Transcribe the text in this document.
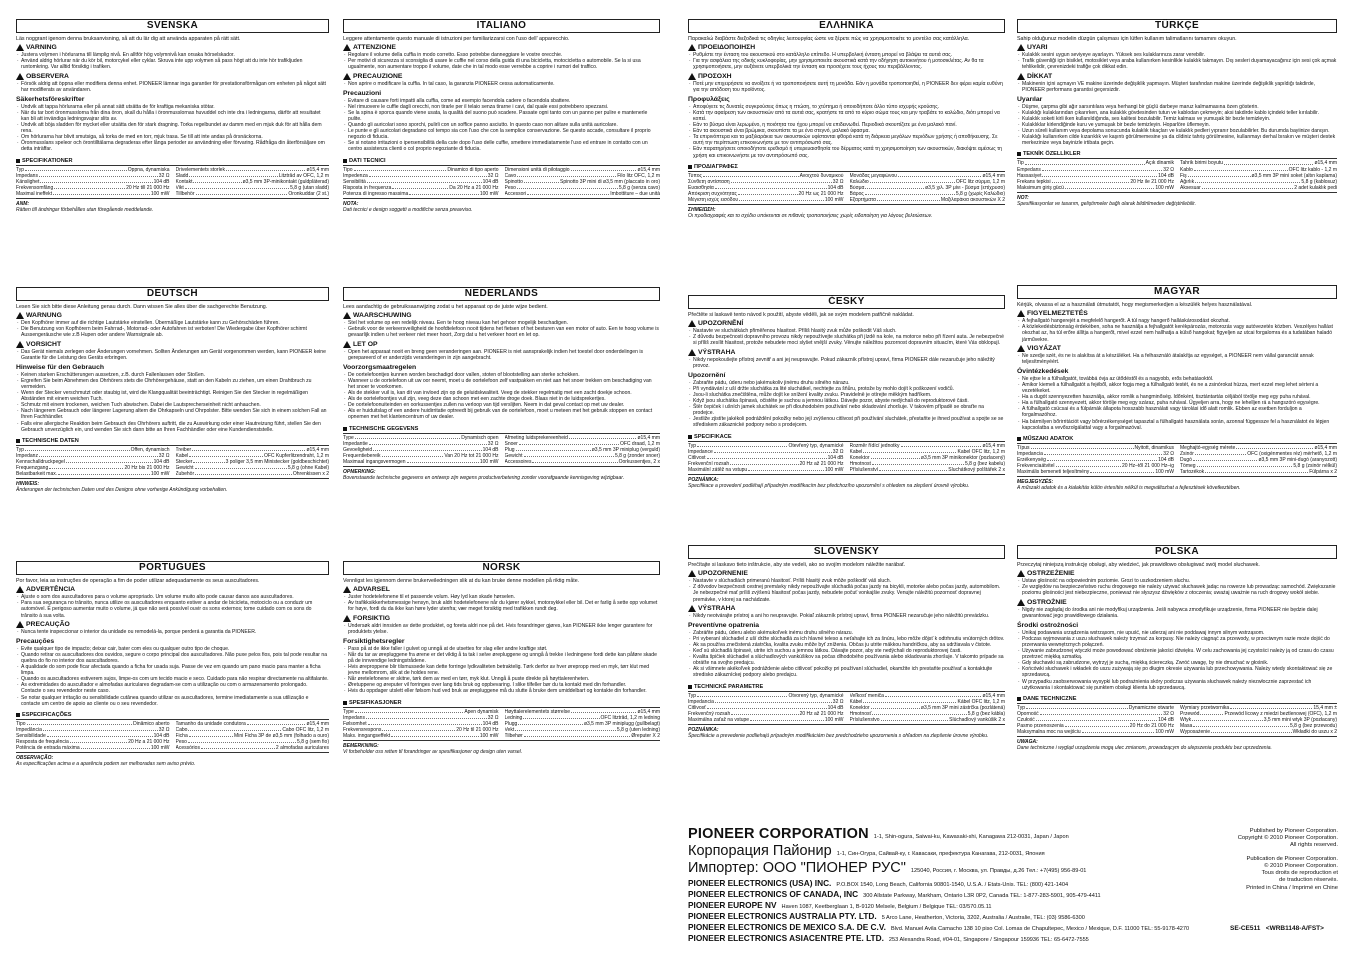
SVENSKA
Läs noggrant igenom denna bruksanvisning, så att du lär dig att använda apparaten på rätt sätt.
VARNING
· Justera volymen i hörlurarna till lämplig nivå. En alltför hög volymnivå kan orsaka hörselskador.
· Använd aldrig hörlurar när du kör bil, motorcykel eller cyklar. Skruva inte upp volymen så pass högt att du inte hör trafikljuden runtomkring. Var alltid försiktig i trafiken.
OBSERVERA
· Försök aldrig att öppna eller modifiera denna enhet. PIONEER lämnar inga garantier för prestationsförmågan om enheten på något sätt har modifierats av användaren.
Säkerhetsföreskrifter
· Undvik att tappa hörlurarna eller på annat sätt utsätta de för kraftiga mekaniska stötar.
· När du tar bort öronmusslorna från dina öron, skall du hålla i öronmusslornas huvuddel och inte dra i ledningarna, därför att resultatet kan bli att invändiga ledningsvajrar slits av.
· Undvik att böja sladden för mycket eller utsätta den för stark dragning. Torka regelbundet av damm med en mjuk duk för att hålla dem rena.
· Om hörlurarna har blivit smutsiga, så torka de med en torr, mjuk trasa. Se till att inte andas på örsnäckorna.
· Öronmusslans speleor och örontilltälarna degraderas efter långa perioder av användning eller förvaring. Rådfråga din återförsäljare om detta inträffar.
SPECIFIKATIONER
Typ	Öppna, dynamiska
Impedans	32 Ω
Känslighet	104 dB
Frekvensomfång	20 Hz till 21 000 Hz
Maximal ineffekt	100 mW
Drivelementets storlek	ø15,4 mm
Sladd	Litztråd av OFC, 1,2 m
Kontakt	ø3,5 mm 3P-minikontakt (guldpläterad)
Vikt	5,8 g (utan sladd)
Tillbehör	Öronkuddar (2 st.)
ANM:
Rätten till ändringar förbehålles utan föregående meddelande.
DEUTSCH
Lesen Sie sich bitte diese Anleitung genau durch. Dann wissen Sie alles über die sachgerechte Benutzung.
WARNUNG
· Den Kopfhörer immer auf die richtige Lautstärke einstellen. Übermäßige Lautstärke kann zu Gehörschäden führen.
· Die Benutzung von Kopfhörern beim Fahrrad-, Motorrad- oder Autofahren ist verboten! Die Wiedergabe über Kopfhörer schirmt Aussengeräusche wie z.B Hupen oder andere Warnsignale ab.
VORSICHT
· Das Gerät niemals zerlegen oder Änderungen vornehmen. Sollten Änderungen am Gerät vorgenommen werden, kann PIONEER keine Garantie für die Leistung des Geräts erbringen.
Hinweise für den Gebrauch
· Keinen starken Erschütterungen aussetzen, z.B. durch Fallenlassen oder Stoßen.
· Ergreifen Sie beim Abnehmen des Ohrhörers stets die Ohrhörergehäuse, statt an den Kabeln zu ziehen, um einen Drahtbruch zu vermeiden.
· Wenn der Stecker verschmutzt oder staubig ist, wird die Klangqualität beeinträchtigt. Reinigen Sie den Stecker in regelmäßigen Abständen mit einem weichen Tuch.
· Schmutz mit einem trockenen, weichen Tuch abwischen. Dabei die Lautsprecherseinheit nicht anhauchen.
· Nach längerem Gebrauch oder längerer Lagerung altern die Ohrkapseln und Ohrpolster. Bitte wenden Sie sich in einem solchen Fall an Ihren Fachhändler.
· Falls eine allergische Reaktion beim Gebrauch des Ohrhörers auftritt, die zu Auswirkung oder einer Hautreizung führt, stellen Sie den Gebrauch unverzüglich ein, und wenden Sie sich dann bitte an Ihren Fachhändler oder eine Kundendienststelle.
TECHNISCHE DATEN
Typ	Offen, dynamisch
Impedanz	32 Ω
Kennschalldruckpegel	104 dB
Frequenzgang	20 Hz bis 21 000 Hz
Belastbarkeit max.	100 mW
Treiber	ø15,4 mm
Kabel	OFC Kupferlitzendraht, 1,2 m
Stecker	3 poliger 3,5 mm Ministecker (goldbeschichtet)
Gewicht	5,8 g (ohne Kabel)
Zubehör	Ohrenkissen x 2
HINWEIS:
Änderungen der technischen Daten und des Designs ohne vorherige Ankündigung vorbehalten.
PORTUGUÊS
Por favor, leia as instruções de operação a fim de poder utilizar adequadamente os seus auscultadores.
ADVERTÊNCIA
· Ajuste o som dos auscultadores para o volume apropriado. Um volume muito alto pode causar danos aos auscultadores.
· Para sua segurança no trânsito, nunca utilize os auscultadores enquanto estiver a andar de bicicleta, motociclo ou a conduzir um automóvel. É perigoso aumentar muito o volume, já que não será possível ouvir os sons externos; tome cuidado com os sons do trânsito à sua volta.
PRECAUÇÃO
· Nunca tente inspeccionar o interior da unidade ou remodelá-la, porque perderá a garantia da PIONEER.
Precauções
· Evite qualquer tipo de impacto; deixar cair, bater com eles ou qualquer outro tipo de choque.
· Quando retirar os auscultadores dos ouvidos, segure o corpo principal dos auscultadores. Não puxe pelos fios, pois tal pode resultar na quebra do fio no interior dos auscultadores.
· A qualidade do som pode ficar afectada quando a ficha for usada suja. Passe de vez em quando um pano macio para manter a ficha limpa.
· Quando os auscultadores estiverem sujos, limpe-os com um tecido macio e seco. Cuidado para não respirar directamente na altifalante.
· As extremidades do auscultador e almofadas auriculares degradam-se com a utilização ou com o armazenamento prolongado. Contacte o seu revendedor neste caso.
· Se notar qualquer irritação ou sensibilidade cutânea quando utilizar os auscultadores, termine imediatamente a sua utilização e contacte um centro de apoio ao cliente ou o seu revendedor.
ESPECIFICAÇÕES
Tipo	Dinâmico aberto
Impedância	32 Ω
Sensibilidade	104 dB
Resposta de frequência	20 Hz a 21 000 Hz
Potência de entrada máxima	100 mW
Tamanho da unidade condutora	ø15,4 mm
Cabo	Cabo OFC litz, 1,2 m
Ficha	Mini Ficha 3P de ø3,5 mm (folhado a ouro)
Peso	5,8 g (sem fio)
Acessórios	2 almofadas auriculares
OBSERVAÇÃO:
As especificações acima e a aparência podem ser melhoradas sem aviso prévio.
ITALIANO
Leggere attentamente questo manuale di istruzioni per familiarizzarsi con l'uso dell' apparecchio.
ATTENZIONE
· Regolare il volume della cuffia in modo corretto. Esso potrebbe danneggiare le vostre orecchie.
· Per motivi di sicurezza si sconsiglia di usare le cuffie nel corso della guida di una bicicletta, motocicletta o automobile. Se la si usa ugualmente, non aumentare troppo il volume, date che in tal modo esse verrebbe a coprire i rumori del traffico.
PRECAUZIONE
· Non aprire o modificare la cuffia. In tal caso, la garanzia PIONEER cessa automaticamente.
Precauzioni
· Evitare di causare forti impatti alla cuffia, come ad esempio facendola cadere o facendola sbattere.
· Nel rimuovere le cuffie dagli orecchi, non tirarle per il telaio senza tirarne i cavi, dal quale essi potrebbero spezzarsi.
· Se la spina è sporca quando viene usata, la qualità del suono può scadere. Passate ogni tanto con un panno per pulire e mantenerle pulite.
· Quando gli auricolari sono sporchi, pulirli con un soffice panno asciutto. In questo caso non alitare sulla unità auricolare.
· Le punte e gli auricolari degradano col tempo sia con l'uso che con la semplice conservazione. Se questo accade, consultare il proprio negozio di fiducia.
· Se si notano irritazioni o ipersensibilità della cute dopo l'uso delle cuffie, smettere immediatamente l'uso ed entrare in contatto con un centro assistenza clienti o col proprio negoziante di fiducia.
DATI TECNICI
Tipo	Dinamico di tipo aperto
Impedenza	32 Ω
Sensibilità	104 dB
Risposta in frequenza	Da 20 Hz a 21 000 Hz
Potenza di ingresso massima	100 mW
Dimensioni unità di pilotaggio	ø15,4 mm
Cavo	Filo litz OFC, 1,2 m
Spinotto	Spinotto 3P mini di ø3,5 mm (placcato in oro)
Peso	5,8 g (senza cavo)
Accessori	Imbottiture – due unità
NOTA:
Dati tecnici e design soggetti a modifiche senza preavviso.
NEDERLANDS
Lees aandachtig de gebruiksaanwijzing zodat u het apparaat op de juiste wijze bedient.
WAARSCHUWING
· Stel het volume op een redelijk niveau. Een te hoog niveau kan het gehoor mogelijk beschadigen.
· Gebruik voor de verkeersveiligheid de hoofdtelefoon nooit tijdens het fietsen of het besturen van een motor of auto. Een te hoog volume is gevaarlijk indien u het verkeer niet meer hoort, Zorg dat u het verkeer hoort en let op.
LET OP
· Open het apparaat nooit en breng geen veranderingen aan. PIONEER is niet aansprakelijk indien het toestel door onderdelingen is gerepareerd of er anderzijds veranderingen in zijn aangebracht.
Voorzorgsmaatregelen
· De oortelefoontjes kunnen worden beschadigd door vallen, stoten of blootstelling aan sterke schokken.
· Wanneer u de oortelefoon uit uw oor neemt, moet u de oortelefoon zelf vastpakken en niet aan het snoer trekken om beschadiging van het snoer te voorkomen.
· Als de stekker vuil is, kan dit van invloed zijn op de geluidskwaliteit. Veeg de stekker regelmatig met een zacht doekje schoon.
· Als de oortelefoontjes vuil zijn, veeg deze dan schoon met een zachte droge doek. Blaas niet in de luidsprekertjes.
· De oortelefoonuiteinden en oorkussentjes zullen na verloop van tijd verslijten. Neem in dat geval contact op met uw dealer.
· Als er huiduitslag of een andere huidirritatie optreedt bij gebruik van de oortelefoon, moet u meteen met het gebruik stoppen en contact opnemen met het klantencentrum of uw dealer.
TECHNISCHE GEGEVENS
Type	Dynamisch open
Impedantie	32 Ω
Gevoeligheid	104 dB
Frequentiebereik	Van 20 Hz tot 21 000 Hz
Maximaal ingangsvermogen	100 mW
Afmeting luidsprekereenheid	ø15,4 mm
Snoer	OFC draad, 1,2 m
Plug	ø3,5 mm 3P miniplug (verguld)
Gewicht	5,8 g (zonder snoer)
Accessoires	Oorkussentjes, 2 x
OPMERKING:
Bovenstaande technische gegevens en ontwerp zijn wegens productverbetering zonder voorafgaande kennisgeving wijzigbaar.
NORSK
Vennligst les igjennom denne brukerveiledningen slik at du kan bruke denne modellen på riktig måte.
ADVARSEL
· Juster hodetelefonene til et passende volum. Høy lyd kan skade hørselen.
· Av trafikksikkerhetsmessige hensyn, bruk aldri hodetelefonene når du kjører sykkel, motorsykkel eller bil. Det er farlig å sette opp volumet for høye, fordi du da ikke kan høre lyder utenfra; vær meget forsiktig med trafikken rundt deg.
FORSIKTIG
· Undersøk aldri innsiden av dette produktet, og foreta aldri noe på det. Hvis forandringer gjøres, kan PIONEER ikke lenger garantere for produktets ytelse.
Forsiktighetsregler
· Pass på at de ikke faller i gulvet og unngå at de utsettes for slag eller andre kraftige støt.
· Når du tar av ørepluggene fra ørene er det viktig å ta tak i selve ørepluggene og unngå å trekke i ledningene fordi dette kan påføre skade på de innvendige ledningstrådene.
· Hvis øreproppene blir tilsmussede kan dette forringe lydkvaliteten betraktelig. Tørk derfor av hver ørepropp med en myk, tørr klut med jevne mellomrom, slik at de holdes rene.
· Når øretelefonene er skitne, tørk dem av med en tørr, myk klut. Unngå å puste direkte på høyttalerenheten.
· Øretuppene og øreputer vil forringes over lang tids bruk og oppbevaring. I slike tilfeller bør du ta kontakt med din forhandler.
· Hvis du oppdager utslett eller følsom hud ved bruk av ørepluggene må du slutte å bruke dem umiddelbart og kontakte din forhandler.
SPESIFIKASJONER
Type	Åpen dynamisk
Impedans	32 Ω
Følsomhet	104 dB
Frekvensrespons	20 Hz til 21 000 Hz
Maks. inngangseffekt	100 mW
Høyttalerelementets størrelse	ø15,4 mm
Ledning	OFC litztråd, 1,2 m ledning
Plugg	ø3,5 mm 3P miniplugg (gullbelagt)
Vekt	5,8 g (uten ledning)
Tilbehør	Øreputer X 2
BEMERKNING:
Vi forbeholder oss retten til forandringer av spesifikasjoner og design uten varsel.
ΕΛΛΗΝΙΚΑ
Παρακαλώ διαβάστε διεξοδικά τις οδηγίες λειτουργίας ώστε να ξέρετε πώς να χρησιμοποιείτε το μοντέλο σας κατάλληλα.
ΠΡΟΕΙΔΟΠΟΙΗΣΗ
· Ρυθμίστε την ένταση του ακουστικού στο κατάλληλο επίπεδο. Η υπερβολική ένταση μπορεί να βλάψει τα αυτιά σας.
· Για την ασφάλεια της οδικής κυκλοφορίας, μην χρησιμοποιείτε ακουστικά κατά την οδήγηση αυτοκινήτου ή μοτοσικλέτας. Αν θα τα χρησιμοποιήσετε, μην αυξάνετε υπερβολικά την ένταση και προσέχετε τους ήχους του περιβάλλοντος.
ΠΡΟΣΟΧΗ
· Ποτέ μην επιχειρήσετε να ανοίξετε ή να τροποποιήσετε αυτή τη μονάδα. Εάν η μονάδα τροποποιηθεί, η PIONEER δεν φέρει καμία ευθύνη για την απόδοση του προϊόντος.
Προφυλάξεις
· Αποφύγετε τις δυνατές συγκρούσεις όπως η πτώση, το χτύπημα ή οποιοδήποτε άλλο τύπο ισχυρής κρούσης.
· Κατά την αφαίρεση των ακουστικών από τα αυτιά σας, κρατήστε τα από το κύριο σώμα τους και μην τραβάτε το καλώδιο, διότι μπορεί να κοπεί.
· Εάν το βύσμα είναι λερωμένο, η ποιότητα του ήχου μπορεί να επιδεινωθεί. Περιοδικά σκουπίζετε με ένα μαλακό πανί.
· Εάν τα ακουστικά είναι βρώμικα, σκουπίστε τα με ένα στεγνό, μαλακό ύφασμα.
· Τα επιρινόπτερα και τα μαξιλαράκια των ακουστικών υφίστανται φθορά κατά τη διάρκεια μεγάλων περιόδων χρήσης ή αποθήκευσης. Σε αυτή την περίπτωση επικοινωνήστε με τον αντιπρόσωπό σας.
· Εάν παρατηρήσετε οποιοδήποτε ερεθισμό ή υπερευαισθησία του δέρματος κατά τη χρησιμοποίηση των ακουστικών, διακόψτε αμέσως τη χρήση και επικοινωνήστε με τον αντιπρόσωπό σας.
ΠΡΟΔΙΑΓΡΑΦΕΣ
Τύπος	Ανοιχτού δυναμικού
Σύνθετη αντίσταση	32 Ω
Ευαισθησία	104 dB
Απόκριση συχνότητας	20 Hz ως 21 000 Hz
Μέγιστη ισχύς εισόδου	100 mW
Μονάδας μεγαφώνου	ø15,4 mm
Καλώδιο	OFC litz σύρμα, 1,2 m
Βύσμα	ø3,5 χιλ. 3P μίνι - βύσμα (επίχρυσο)
Βάρος	5,8 g (χωρίς Καλώδιο)
Εξαρτήματα	Μαξιλαράκια ακουστικών Χ 2
ΣΗΜΕΙΩΣΗ:
Οι προδιαγραφές και το σχέδιο υπόκεινται σε πιθανές τροποποιήσεις χωρίς ειδοποίηση για λόγους βελτιώσεων.
ČESKY
Přečtěte si laskavě tento návod k použití, abyste věděli, jak se svým modelem patřičně nakládat.
UPOZORNĚNÍ
· Nastavte ve sluchátkách přiměřenou hlasitost. Příliš hlasitý zvuk může poškodit Váš sluch.
· Z důvodu bezpečnosti dopravního provozu nikdy nepoužívejte sluchátka při jízdě na kole, na motorce nebo při řízení auta. Je nebezpečné si příliš zesílit hlasitost, protože nebudete moci slyšet vnější zvuky. Věnujte náležitou pozornost dopravním situacím, které Vás obklopují.
VÝSTRAHA
· Nikdy nepokoušejte přístroj zevnitř a ani jej neupravujte. Pokud zákazník přístroj upraví, firma PIONEER dále nezaručuje jeho náležitý provoz.
Upozornění
· Zabraňte pádu, úderu nebo jakémukoliv jinému druhu silného nárazu.
· Při vyndávání z uší držte sluchátka za lité sluchátkel, nechtejte za šňůru, protože by mohlo dojít k poškození vodičů.
· Jsou-li sluchátka znečištěna, může dojít ke snížení kvality zvuku. Pravidelně je otírejte měkkým hadříkem.
· Když jsou sluchátka špinavá, očistěte je suchou a jemnou látkou. Dávejte pozor, abyste nedýchali do reproduktorové části.
· Štěr čepiček i ušních jamek sluchátek se při dlouhodobém používání nebo skladování zhoršuje. V takovém případě se obraťte na prodejce.
· Jestliže zjistíte jakékoli podráždění pokožky nebo její zvýšenou citlivost při používání sluchátek, přestaňte je ihned používat a spojte se se střediskem zákaznické podpory nebo s prodejcem.
SPECIFIKACE
Typ	Otevřený typ, dynamické
Impedance	32 Ω
Citlivost	104 dB
Frekvenční rozsah	20 Hz až 21 000 Hz
Maximální zátěž na vstupu	100 mW
Rozměr řídící jednotky	ø15,4 mm
Kabel	Kabel OFC litz, 1,2 m
Konektor	ø3,5 mm 3P minikonektor (pozlacený)
Hmotnost	5,8 g (bez kabelu)
Příslušenství	Sluchátkový polštářek 2 x
POZNÁMKA:
Specifikace a provedení podléhají případným modifikacím bez předchozího upozornění s ohledem na zlepšení úrovně výrobku.
SLOVENSKY
Prečítajte si laskavo tieto inštrukcie, aby ste vedeli, ako so svojím modelom náležite narábať.
UPOZORNENIE
· Nastavte v slúchadlách primeranú hlasitosť. Príliš hlasitý zvuk môže poškodiť váš sluch.
· Z dôvodov bezpečnosti cestnej premávky nikdy nepoužívajte slúchadlá počas jazdy na bicykli, motorke alebo počas jazdy, automobilom. Je nebezpečné mať príliš zvýšenú hlasitosť počas jazdy, nebudete počuť vonkajšie zvuky. Venujte náležitú pozornosť dopravnej premávke, v ktorej sa nachádzate.
VÝSTRAHA
· Nikdy neotvárajte prístroj a ani ho neupravujte. Pokiaľ zákazník prístroj upraví, firma PIONEER nezaručuje jeho náležitú prevádzku.
Preventívne opatrenia
· Zabráňte pádu, úderu alebo akémukoľvek inému druhu silného nárazu.
· Pri vyberaní slúchadiel z uší držte slúchadlá za ich hlavné teleso a neťahajte ich za šnúru, lebo môže dôjsť k odtrhnutiu vnútorných drôtov.
· Ak sa používa znečistená zástrčka, kvalita zvuku môže byť zníženia. Občas ju utrite mäkkou handričkou, aby sa udržiavala v čistote.
· Keď sú slúchadlá špinavé, utrite ich suchou a jemnou látkou. Dávajte pozor, aby ste nedýchali do reproduktorovej časti.
· Kvalita špičiek slúchadiel a slúchadlových vankúšikov sa počas dlhodobého používania alebo skladovania zhoršuje. V takomto prípade sa obráťte na svojho predajcu.
· Ak si všimnete akékoľvek podráždenie alebo citlivosť pokožky pri používaní slúchadiel, okamžite ich prestaňte používať a kontaktujte stredisko zákazníckej podpory alebo predajcu.
TECHNICKÉ PARAMETRE
Typ	Otvorený typ, dynamické
Impedancia	32 Ω
Citlivosť	104 dB
Frekvenčný rozsah	20 Hz až 21 000 Hz
Maximálna zaťaž na vstupe	100 mW
Veľkosť meniča	ø15,4 mm
Kábel	Kábel OFC litz, 1,2 m
Konektor	ø3,5 mm 3P mini zástrčka (pozlátená)
Hmotnosť	5,8 g (bez kábla)
Príslušenstvo	Slúchadlový vankúšik 2 x
POZNÁMKA:
Špecifikácie a prevedenie podliehajú prípadným modifikáciám bez predchodzieho upozornenia s ohľadom na zlepšenie úrovne výrobku.
TÜRKÇE
Sahip olduğunuz modelin düzgün çalışması için lütfen kullanım talimatlarını tamamını okuyun.
UYARI
· Kulaklık sesini uygun seviyeye ayarlayın. Yüksek ses kulaklarınıza zarar verebilir.
· Trafik güvenliği için bisiklet, motosiklet veya araba kullanırken kesinlikle kulaklık takmayın. Dış sesleri duyamayacağınız için sesi çok açmak tehlikelidir, çevrenizdeki trafiğe çok dikkat edin.
DİKKAT
· Makinenin içini açmayın VE makine üzerinde değişiklik yapmayın. Müşteri tarafından makine üzerinde değişiklik yapıldığı takdirde, PIONEER performans garantisi geçersizdir.
Uyarılar
· Düşme, çarpma gibi ağır sarsıntılara veya herhangi bir güçlü darbeye maruz kalmamasına özen gösterin.
· Kulaklığı kulaklarından çıkarırken, ana kulaklık gövdesinden tutun ve kablodan çekmeyin; aksi takdirde kablo içindeki teller kırılabilir.
· Kulaklık soketi kirli iken kullanıldığında, ses kalitesi bozulabilir. Temiz kalması ve yumuşak bir bezle temizleyin.
· Kulaklıklar kirlendiğinde kuru ve yumuşak bir bezle temizleyin. Hoparlöre üflemeyin.
· Uzun süreli kullanım veya depolama sonucunda kulaklık tıkaçları ve kulaklık pedleri yıpranır bozulabilirler. Bu durumda bayiinize danışın.
· Kulaklığı kullanırken cilde kızarıklık ve kaşıntı görülmemesine ya da cildiniz tahriş görülmesine, kullanmayı derhal bırakın ve müşteri destek merkezinize veya bayinizle irtibata geçin.
TEKNİK ÖZELLİKLER
Tip	Açık dinamik
Empedans	32 Ω
Hassasiyet	104 dB
Frekans tepkisi	20 Hz ile 21 000 Hz
Maksimum giriş gücü	100 mW
Tahrik birimi boyutu	ø15,4 mm
Kablo	OFC litz kablo - 1,2 m
Fiş	ø3,5 mm 3P mini soket (altın kaplama)
Ağırlık	5,8 g (kablosuz)
Aksesuar	2 adet kulaklık pedi
NOT:
Spesifikasyonlar ve tasarım, geliştirmeler bağlı olarak bildirilmeden değiştirilebilir.
MAGYAR
Kérjük, olvassa el az a használati útmutatót, hogy megismerkedjen a készülék helyes használatával.
FIGYELMEZTETÉS
· A fejhallgató hangerejét a megfelelő hangerőt. A túl nagy hangerő halláskárosodást okozhat.
· A közlekedésbiztonság érdekében, soha ne használja a fejhallgatót kerékpározás, motorozás vagy autóvezetés közben. Veszélyes hallást okozhat az, ha túl erőre állítja a hangerőt, mivel ezzel nem hallhatja a külső hangokat; figyeljen az utcai forgalomra és a tudatában haladó járművekre.
VIGYÁZAT
· Ne szedje szét, és ne is alakítsa át a készüléket. Ha a felhasználó átalakítja az egységet, a PIONEER nem vállal garanciát annak teljesítményéért.
Óvintézkedések
· Ne ejtse le a fülhallgatót, továbbá óvja az ütődéstől és a nagyobb, erős behatásoktól.
· Amikor kiemeli a fülhallgatót a fejéből, akkor fogja meg a fülhallgató testét, és ne a zsinórokat húzza, mert ezzel meg lehet sérteni a vezetékeket.
· Ha a dugót szennyezetten használja, akkor romlik a hangminőség. Időnként, tisztántartás céljából törölje meg egy puha ruhával.
· Ha a fülhallgató szennyezett, akkor törölje meg egy száraz, puha ruhával. Ügyeljen arra, hogy ne lehelljen rá a hangszóró egységre.
· A fülhallgató csücsai és a fülpárnák állapota hosszabb használati vagy tárolási idő alatt romlik. Ebben az esetben forduljon a forgalmazóhoz.
· Ha bármilyen bőrirritációt vagy bőrérzékenységet tapasztal a fülhallgató használata során, azonnal függessze fel a használatot és lépjen kapcsolatba a vevőszolgálattal vagy a forgalmazóval.
MŰSZAKI ADATOK
Típus	Nyitott, dinamikus
Impedancia	32 Ω
Érzékenység	104 dB
Frekvenciaátvitel	20 Hz–től 21 000 Hz–ig
Maximális bemeneti teljesítmény	100 mW
Meghajtó-egység mérete	ø15,4 mm
Zsinór	OFC (oxigénmentes réz) mérhető, 1,2 m
Dugó	ø3,5 mm 3P mini-dugó (aranyozott)
Tömeg	5,8 g (zsinór nélkül)
Tartozékok	Fülpárna x 2
MEGJEGYZÉS:
A műszaki adatok és a kialakítás külön értesítés nélkül is megváltozhat a fejlesztések következtében.
POLSKA
Przeczytaj niniejszą instrukcję obsługi, aby wiedzieć, jak prawidłowo obsługiwać swój model słuchawek.
OSTRZEŻENIE
· Ustaw głośność na odpowiednim poziomie. Grozi to uszkodzeniem słuchu.
· Ze względów na bezpieczeństwo ruchu drogowego nie należy używać słuchawek jadąc na rowerze lub prowadząc samochód. Zwiększanie poziomu głośności jest niebezpieczne, ponieważ nie słyszysz dźwięków z otoczenia; uważaj uważnie na ruch drogowy wokół siebie.
OSTROŻNIE
· Nigdy nie zaglądaj do środka ani nie modyfikuj urządzenia. Jeśli nabywca zmodyfikuje urządzenie, firma PIONEER nie będzie dalej gwarantować jego prawidłowego działania.
Środki ostrożności
· Unikaj podawania urządzenia wstrząsom, nie upuść, nie uderzaj ani nie poddawaj innym silnym wstrząsom.
· Podczas wyjmowania z uszu słuchawek należy trzymać za korpusy. Nie należy ciągnąć za przewody, w przeciwnym razie może dojść do przerwania wewnętrznych połączeń.
· Używanie zabrudzonej wtyczki może powodować obniżenie jakości dźwięku. W celu zachowania jej czystości należy ją od czasu do czasu przetrzeć miękką szmatką.
· Gdy słuchawki są zabrudzone, wytrzyj je suchą, miękką ściereczką. Zwróć uwagę, by nie dmuchać w głośnik.
· Końcówki słuchawek i wkładek do uszu zużywają się po długim okresie używania lub przechowywania. Należy wtedy skontaktować się ze sprzedawcą.
· W przypadku zaobserwowania wysypki lub podrażnienia skóry podczas używania słuchawek należy niezwłocznie zaprzestać ich użytkowania i skontaktować się punktem obsługi klienta lub sprzedawcą.
DANE TECHNICZNE
Typ	Dynamiczne otwarte
Oporność	32 Ω
Czułość	104 dB
Pasmo przenoszenia	20 Hz do 21 000 Hz
Maksymalna moc na wejściu	100 mW
Wymiary przetwornika	15,4 mm ±
Przewód	Przewód licowy z miedzi beztlenowej (OFC), 1,2 m
Wtyk	3,5 mm mini wtyk 3P (pozłacany)
Masa	5,8 g (bez przewodu)
Wyposażenie	Wkładki do uszu x 2
UWAGA:
Dane techniczne i wygląd urządzenia mogą ulec zmianom, prowadzącym do ulepszenia produktu bez uprzedzenia.
PIONEER CORPORATION 1-1, Shin-ogura, Saiwai-ku, Kawasaki-shi, Kanagawa 212-0031, Japan / Japon
Корпорация Пайонир 1-1, Син-Огура, Сайвай-ку, г. Кавасаки, префектура Канагава, 212-0031, Япония
Импортер: ООО "ПИОНЕР РУС" 125040, Россия, г. Москва, ул. Правды, д.26 Тел.: +7(495) 956-89-01
PIONEER ELECTRONICS (USA) INC. P.O.BOX 1540, Long Beach, California 90801-1540, U.S.A. / Etats-Unis. TEL: (800) 421-1404
PIONEER ELECTRONICS OF CANADA, INC 300 Allstate Parkway, Markham, Ontario L3R 0P2, Canada TEL: 1-877-283-5901, 905-479-4411
PIONEER EUROPE NV Haven 1087, Keetberglaan 1, B-9120 Melsele, Belgium / Belgique TEL: 03/570.05.11
PIONEER ELECTRONICS AUSTRALIA PTY. LTD. 5 Arco Lane, Heatherton, Victoria, 3202, Australia / Australie, TEL: (03) 9586-6300
PIONEER ELECTRONICS DE MEXICO S.A. DE C.V. Blvd. Manuel Avila Camacho 138 10 piso Col. Lomas de Chapultepec, Mexico / Mexique, D.F. 11000 TEL: 55-9178-4270
PIONEER ELECTRONICS ASIACENTRE PTE. LTD. 253 Alexandra Road, #04-01, Singapore / Singapour 159936 TEL: 65-6472-7555
Published by Pioneer Corporation.
Copyright © 2010 Pioneer Corporation.
All rights reserved.
Publication de Pioneer Corporation.
© 2010 Pioneer Corporation.
Tous droits de reproduction et
de traduction réservés.
Printed in China / Imprimé en Chine
SE-CE511 <WRB1148-A/FST>
